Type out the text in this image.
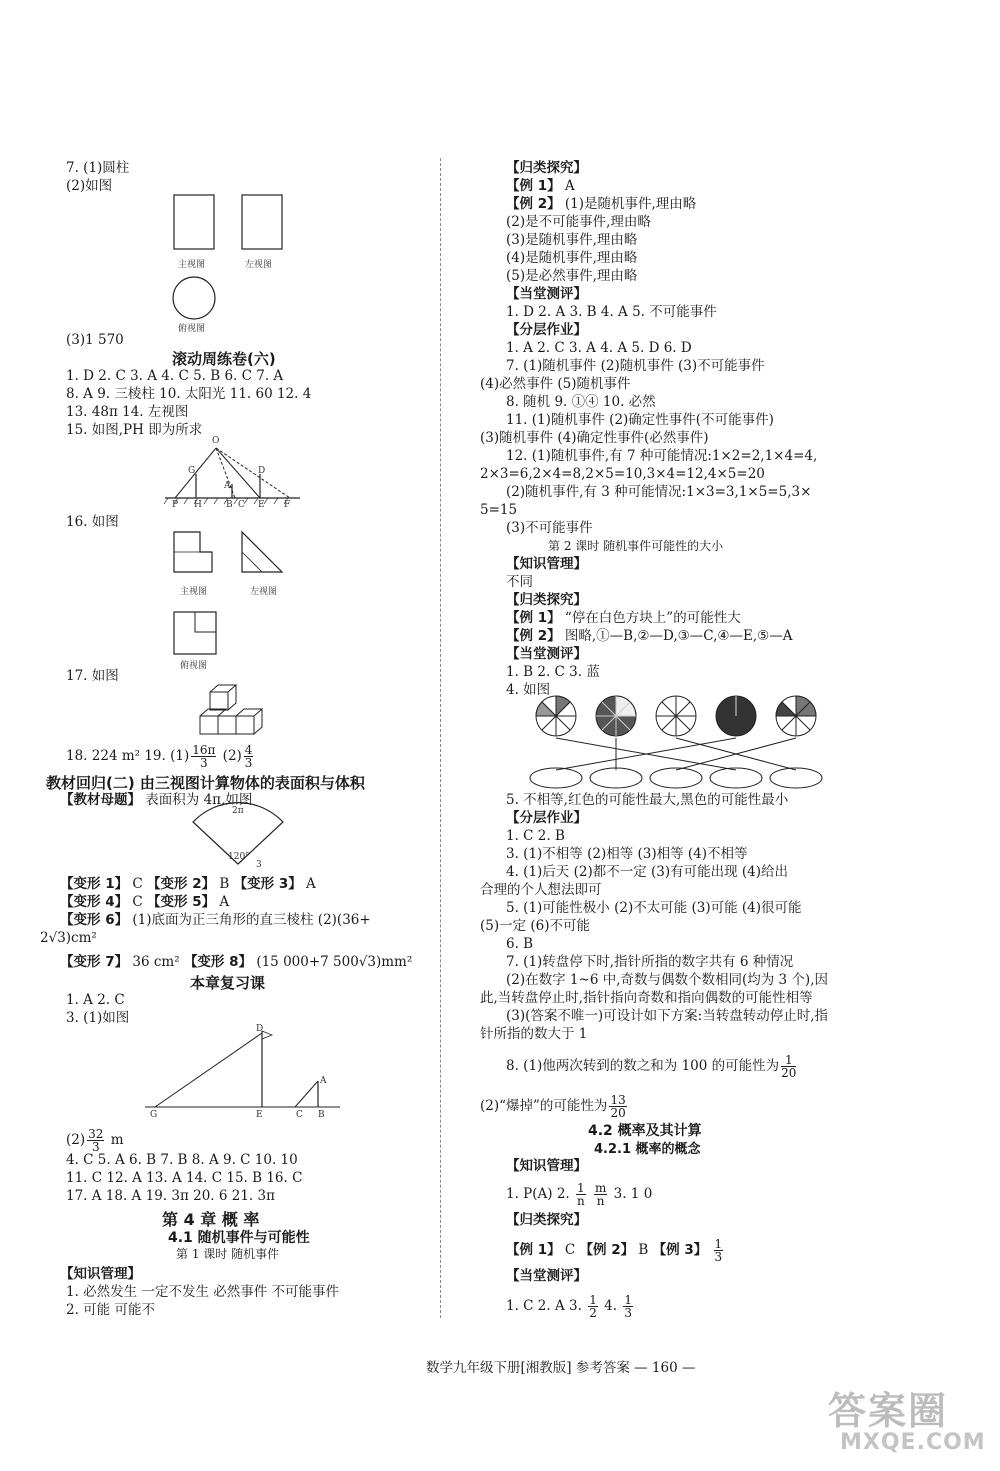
7. (1)圆柱
(2)如图
主视图	左视图
俯视图
(3)1 570
滚动周练卷(六)
1. D 2. C 3. A 4. C 5. B 6. C 7. A
8. A 9. 三棱柱 10. 太阳光 11. 60 12. 4
13. 48π 14. 左视图
15. 如图,PH 即为所求
O
G	D
A
P H	B C E F
16. 如图
主视图	左视图
俯视图
17. 如图
18. 224 m² 19. $(1) \frac{16\pi}{3} (2) \frac{4}{3}$
教材回归(二) 由三视图计算物体的表面积与体积
【教材母题】 表面积为 4π,如图
2π
120°
3
【变形 1】 C 【变形 2】 B 【变形 3】 A
【变形 4】 C 【变形 5】 A
【变形 6】 (1)底面为正三角形的直三棱柱 (2)(36+
2√3)cm²
【变形 7】 36 cm² 【变形 8】 (15 000+7 500√3)mm²
本章复习课
1. A 2. C
3. (1)如图
D
A
G	E	C B
$(2) \frac{32}{3}$ m
4. C 5. A 6. B 7. B 8. A 9. C 10. 10
11. C 12. A 13. A 14. C 15. B 16. C
17. A 18. A 19. 3π 20. 6 21. 3π
第 4 章 概 率
4.1 随机事件与可能性
第 1 课时 随机事件
【知识管理】
1. 必然发生 一定不发生 必然事件 不可能事件
2. 可能 可能不
【归类探究】
【例 1】 A
【例 2】 (1)是随机事件,理由略
(2)是不可能事件,理由略
(3)是随机事件,理由略
(4)是随机事件,理由略
(5)是必然事件,理由略
【当堂测评】
1. D 2. A 3. B 4. A 5. 不可能事件
【分层作业】
1. A 2. C 3. A 4. A 5. D 6. D
7. (1)随机事件 (2)随机事件 (3)不可能事件
(4)必然事件 (5)随机事件
8. 随机 9. ①④ 10. 必然
11. (1)随机事件 (2)确定性事件(不可能事件)
(3)随机事件 (4)确定性事件(必然事件)
12. (1)随机事件,有 7 种可能情况:1×2=2,1×4=4,
2×3=6,2×4=8,2×5=10,3×4=12,4×5=20
(2)随机事件,有 3 种可能情况:1×3=3,1×5=5,3×
5=15
(3)不可能事件
第 2 课时 随机事件可能性的大小
【知识管理】
不同
【归类探究】
【例 1】 “停在白色方块上”的可能性大
【例 2】 图略,①—B,②—D,③—C,④—E,⑤—A
【当堂测评】
1. B 2. C 3. 蓝
4. 如图
5. 不相等,红色的可能性最大,黑色的可能性最小
【分层作业】
1. C 2. B
3. (1)不相等 (2)相等 (3)相等 (4)不相等
4. (1)后天 (2)都不一定 (3)有可能出现 (4)给出
合理的个人想法即可
5. (1)可能性极小 (2)不太可能 (3)可能 (4)很可能
(5)一定 (6)不可能
6. B
7. (1)转盘停下时,指针所指的数字共有 6 种情况
(2)在数字 1~6 中,奇数与偶数个数相同(均为 3 个),因
此,当转盘停止时,指针指向奇数和指向偶数的可能性相等
(3)(答案不唯一)可设计如下方案:当转盘转动停止时,指
针所指的数大于 1
8. (1)他两次转到的数之和为 100 的可能性为 $\frac{1}{20}$
(2)“爆掉”的可能性为 $\frac{13}{20}$
4.2 概率及其计算
4.2.1 概率的概念
【知识管理】
1. P(A) 2. $\frac{1}{n}$
$\frac{m}{n} 3$. 1 0
【归类探究】
【例 1】 C 【例 2】 B 【例 3】 $\frac{1}{3}$
【当堂测评】
1. C 2. A 3. $\frac{1}{2} 4$. $\frac{1}{3}$
数学九年级下册[湘教版] 参考答案 — 160 —
答案圈
MXQE.COM
